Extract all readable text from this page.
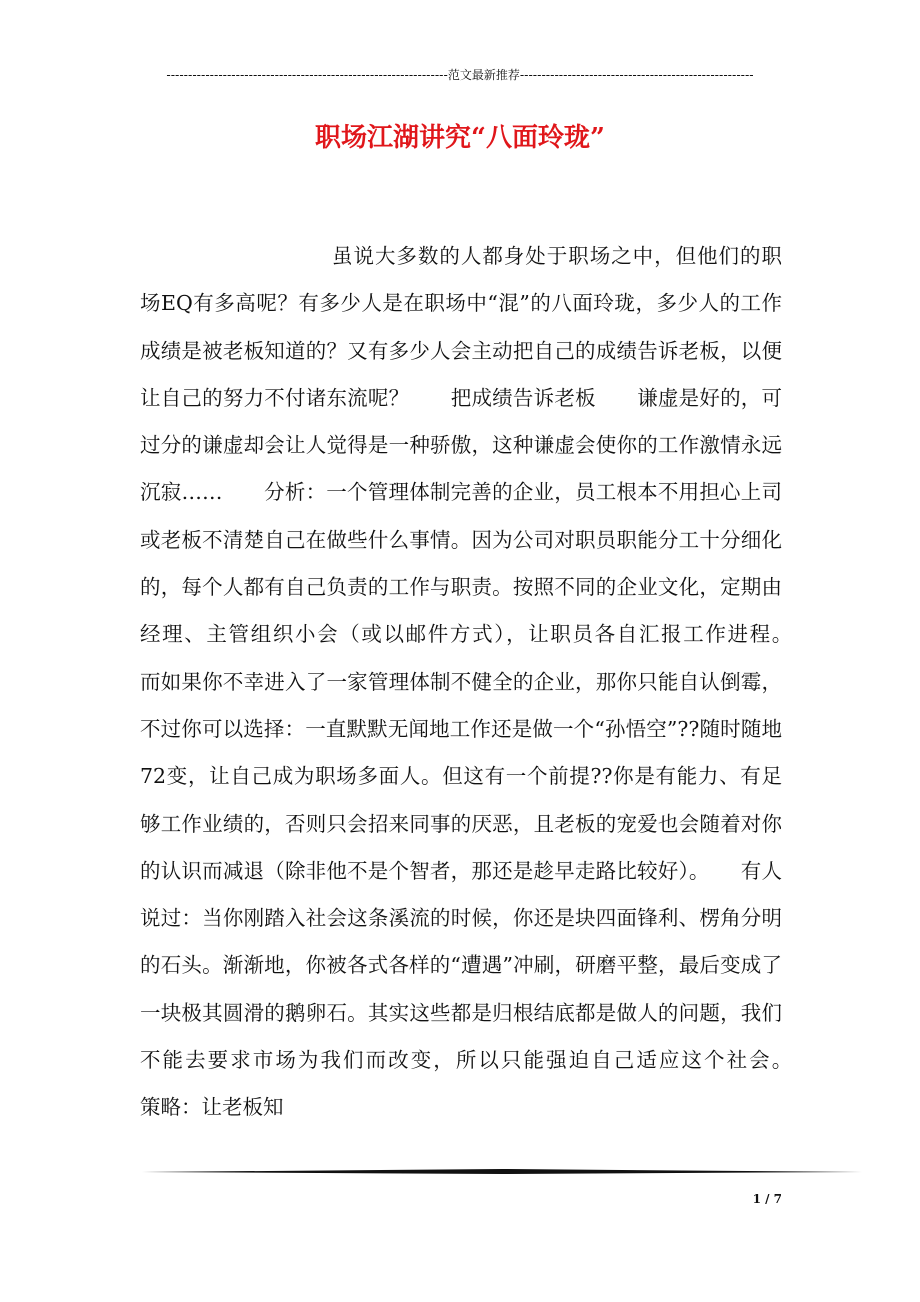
-----------------------------------------------------------------范文最新推荐------------------------------------------------------
职场江湖讲究“八面玲珑”

虽说大多数的人都身处于职场之中，但他们的职场EQ有多高呢？有多少人是在职场中“混”的八面玲珑，多少人的工作成绩是被老板知道的？又有多少人会主动把自己的成绩告诉老板，以便让自己的努力不付诸东流呢？　　把成绩告诉老板　　谦虚是好的，可过分的谦虚却会让人觉得是一种骄傲，这种谦虚会使你的工作激情永远沉寂……　　分析：一个管理体制完善的企业，员工根本不用担心上司或老板不清楚自己在做些什么事情。因为公司对职员职能分工十分细化的，每个人都有自己负责的工作与职责。按照不同的企业文化，定期由经理、主管组织小会（或以邮件方式），让职员各自汇报工作进程。　　而如果你不幸进入了一家管理体制不健全的企业，那你只能自认倒霉，不过你可以选择：一直默默无闻地工作还是做一个“孙悟空”??随时随地72变，让自己成为职场多面人。但这有一个前提??你是有能力、有足够工作业绩的，否则只会招来同事的厌恶，且老板的宠爱也会随着对你的认识而减退（除非他不是个智者，那还是趁早走路比较好）。　　有人说过：当你刚踏入社会这条溪流的时候，你还是块四面锋利、楞角分明的石头。渐渐地，你被各式各样的“遭遇”冲刷，研磨平整，最后变成了一块极其圆滑的鹅卵石。其实这些都是归根结底都是做人的问题，我们不能去要求市场为我们而改变，所以只能强迫自己适应这个社会。　　策略：让老板知

1 / 7
